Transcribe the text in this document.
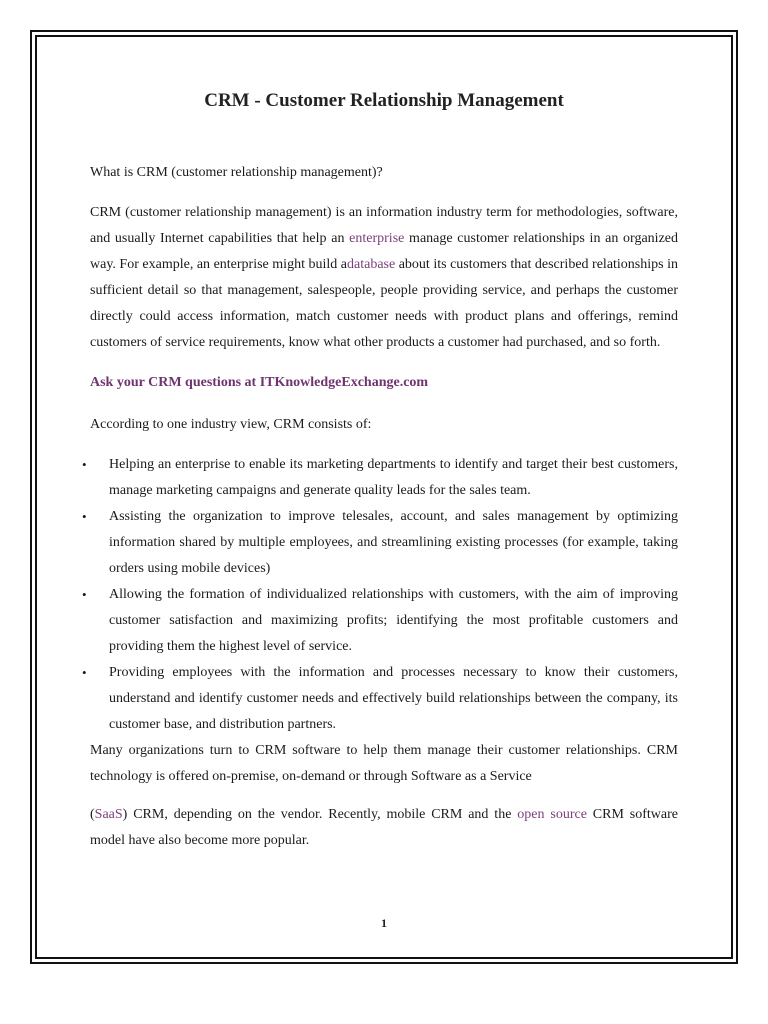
CRM - Customer Relationship Management

What is CRM (customer relationship management)?

CRM (customer relationship management) is an information industry term for methodologies, software, and usually Internet capabilities that help an enterprise manage customer relationships in an organized way. For example, an enterprise might build adatabase about its customers that described relationships in sufficient detail so that management, salespeople, people providing service, and perhaps the customer directly could access information, match customer needs with product plans and offerings, remind customers of service requirements, know what other products a customer had purchased, and so forth.

Ask your CRM questions at ITKnowledgeExchange.com

According to one industry view, CRM consists of:

•	Helping an enterprise to enable its marketing departments to identify and target their best customers, manage marketing campaigns and generate quality leads for the sales team.
•	Assisting the organization to improve telesales, account, and sales management by optimizing information shared by multiple employees, and streamlining existing processes (for example, taking orders using mobile devices)
•	Allowing the formation of individualized relationships with customers, with the aim of improving customer satisfaction and maximizing profits; identifying the most profitable customers and providing them the highest level of service.
•	Providing employees with the information and processes necessary to know their customers, understand and identify customer needs and effectively build relationships between the company, its customer base, and distribution partners.

Many organizations turn to CRM software to help them manage their customer relationships. CRM technology is offered on-premise, on-demand or through Software as a Service

(SaaS) CRM, depending on the vendor. Recently, mobile CRM and the open source CRM software model have also become more popular.

1
